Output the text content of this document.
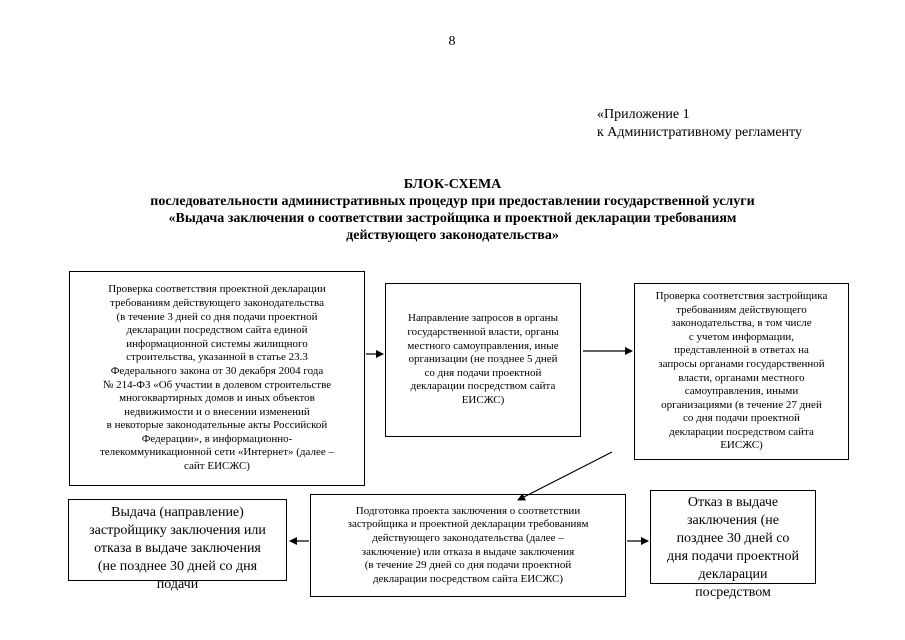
8
«Приложение 1
к Административному регламенту
БЛОК-СХЕМА
последовательности административных процедур при предоставлении государственной услуги
«Выдача заключения о соответствии застройщика и проектной декларации требованиям
действующего законодательства»
Проверка соответствия проектной декларации
требованиям действующего законодательства
(в течение 3 дней со дня подачи проектной
декларации посредством сайта единой
информационной системы жилищного
строительства, указанной в статье 23.3
Федерального закона от 30 декабря 2004 года
№ 214-ФЗ «Об участии в долевом строительстве
многоквартирных домов и иных объектов
недвижимости и о внесении изменений
в некоторые законодательные акты Российской
Федерации», в информационно-
телекоммуникационной сети «Интернет» (далее –
сайт ЕИСЖС)
Направление запросов в органы
государственной власти, органы
местного самоуправления, иные
организации (не позднее 5 дней
со дня подачи проектной
декларации посредством сайта
ЕИСЖС)
Проверка соответствия застройщика
требованиям действующего
законодательства, в том числе
с учетом информации,
представленной в ответах на
запросы органами государственной
власти, органами местного
самоуправления, иными
организациями (в течение 27 дней
со дня подачи проектной
декларации посредством сайта
ЕИСЖС)
Подготовка проекта заключения о соответствии
застройщика и проектной декларации требованиям
действующего законодательства (далее –
заключение) или отказа в выдаче заключения
(в течение 29 дней со дня подачи проектной
декларации посредством сайта ЕИСЖС)
Выдача (направление)
застройщику заключения или
отказа в выдаче заключения
(не позднее 30 дней со дня
подачи
Отказ в выдаче
заключения (не
позднее 30 дней со
дня подачи проектной
декларации
посредством
